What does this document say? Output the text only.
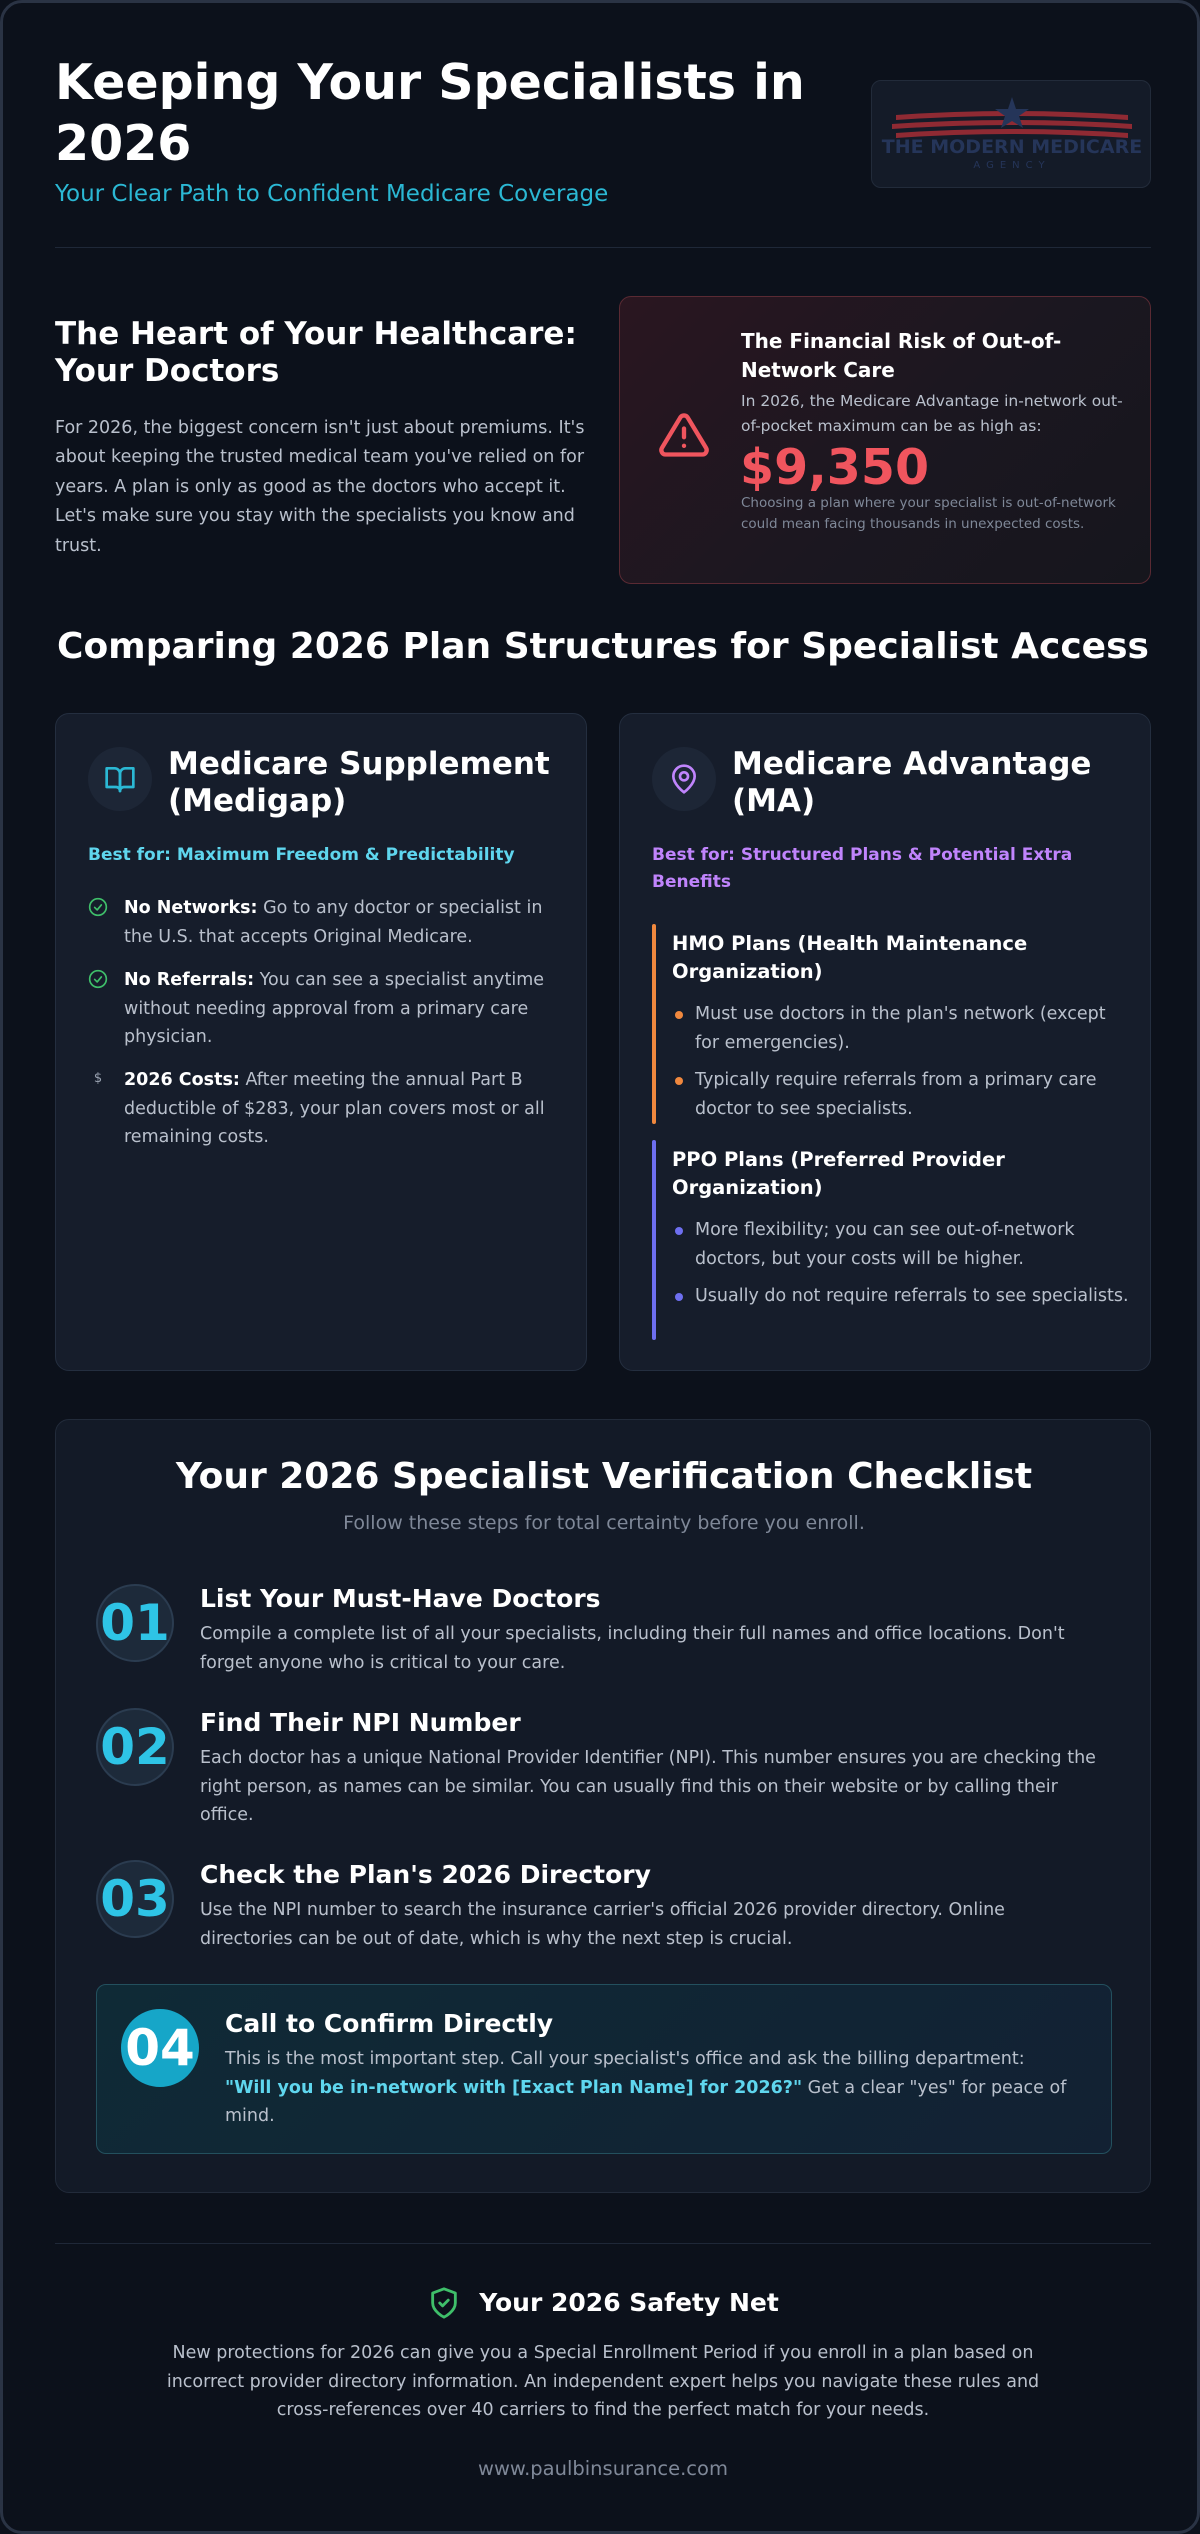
Keeping Your Specialists in 2026
Your Clear Path to Confident Medicare Coverage
THE MODERN MEDICARE
AGENCY
The Heart of Your Healthcare: Your Doctors

For 2026, the biggest concern isn't just about premiums. It's about keeping the trusted medical team you've relied on for years. A plan is only as good as the doctors who accept it. Let's make sure you stay with the specialists you know and trust.

The Financial Risk of Out-of-Network Care
In 2026, the Medicare Advantage in-network out-of-pocket maximum can be as high as:
$9,350
Choosing a plan where your specialist is out-of-network could mean facing thousands in unexpected costs.
Comparing 2026 Plan Structures for Specialist Access
Medicare Supplement (Medigap)
Best for: Maximum Freedom & Predictability
No Networks: Go to any doctor or specialist in the U.S. that accepts Original Medicare.
No Referrals: You can see a specialist anytime without needing approval from a primary care physician.
$	2026 Costs: After meeting the annual Part B deductible of $283, your plan covers most or all remaining costs.
Medicare Advantage (MA)
Best for: Structured Plans & Potential Extra Benefits
HMO Plans (Health Maintenance Organization)
Must use doctors in the plan's network (except for emergencies).
Typically require referrals from a primary care doctor to see specialists.
PPO Plans (Preferred Provider Organization)
More flexibility; you can see out-of-network doctors, but your costs will be higher.
Usually do not require referrals to see specialists.
Your 2026 Specialist Verification Checklist
Follow these steps for total certainty before you enroll.
01 List Your Must-Have Doctors
Compile a complete list of all your specialists, including their full names and office locations. Don't forget anyone who is critical to your care.
02 Find Their NPI Number
Each doctor has a unique National Provider Identifier (NPI). This number ensures you are checking the right person, as names can be similar. You can usually find this on their website or by calling their office.
03 Check the Plan's 2026 Directory
Use the NPI number to search the insurance carrier's official 2026 provider directory. Online directories can be out of date, which is why the next step is crucial.
04 Call to Confirm Directly
This is the most important step. Call your specialist's office and ask the billing department: "Will you be in-network with [Exact Plan Name] for 2026?" Get a clear "yes" for peace of mind.
Your 2026 Safety Net

New protections for 2026 can give you a Special Enrollment Period if you enroll in a plan based on incorrect provider directory information. An independent expert helps you navigate these rules and cross-references over 40 carriers to find the perfect match for your needs.

www.paulbinsurance.com
